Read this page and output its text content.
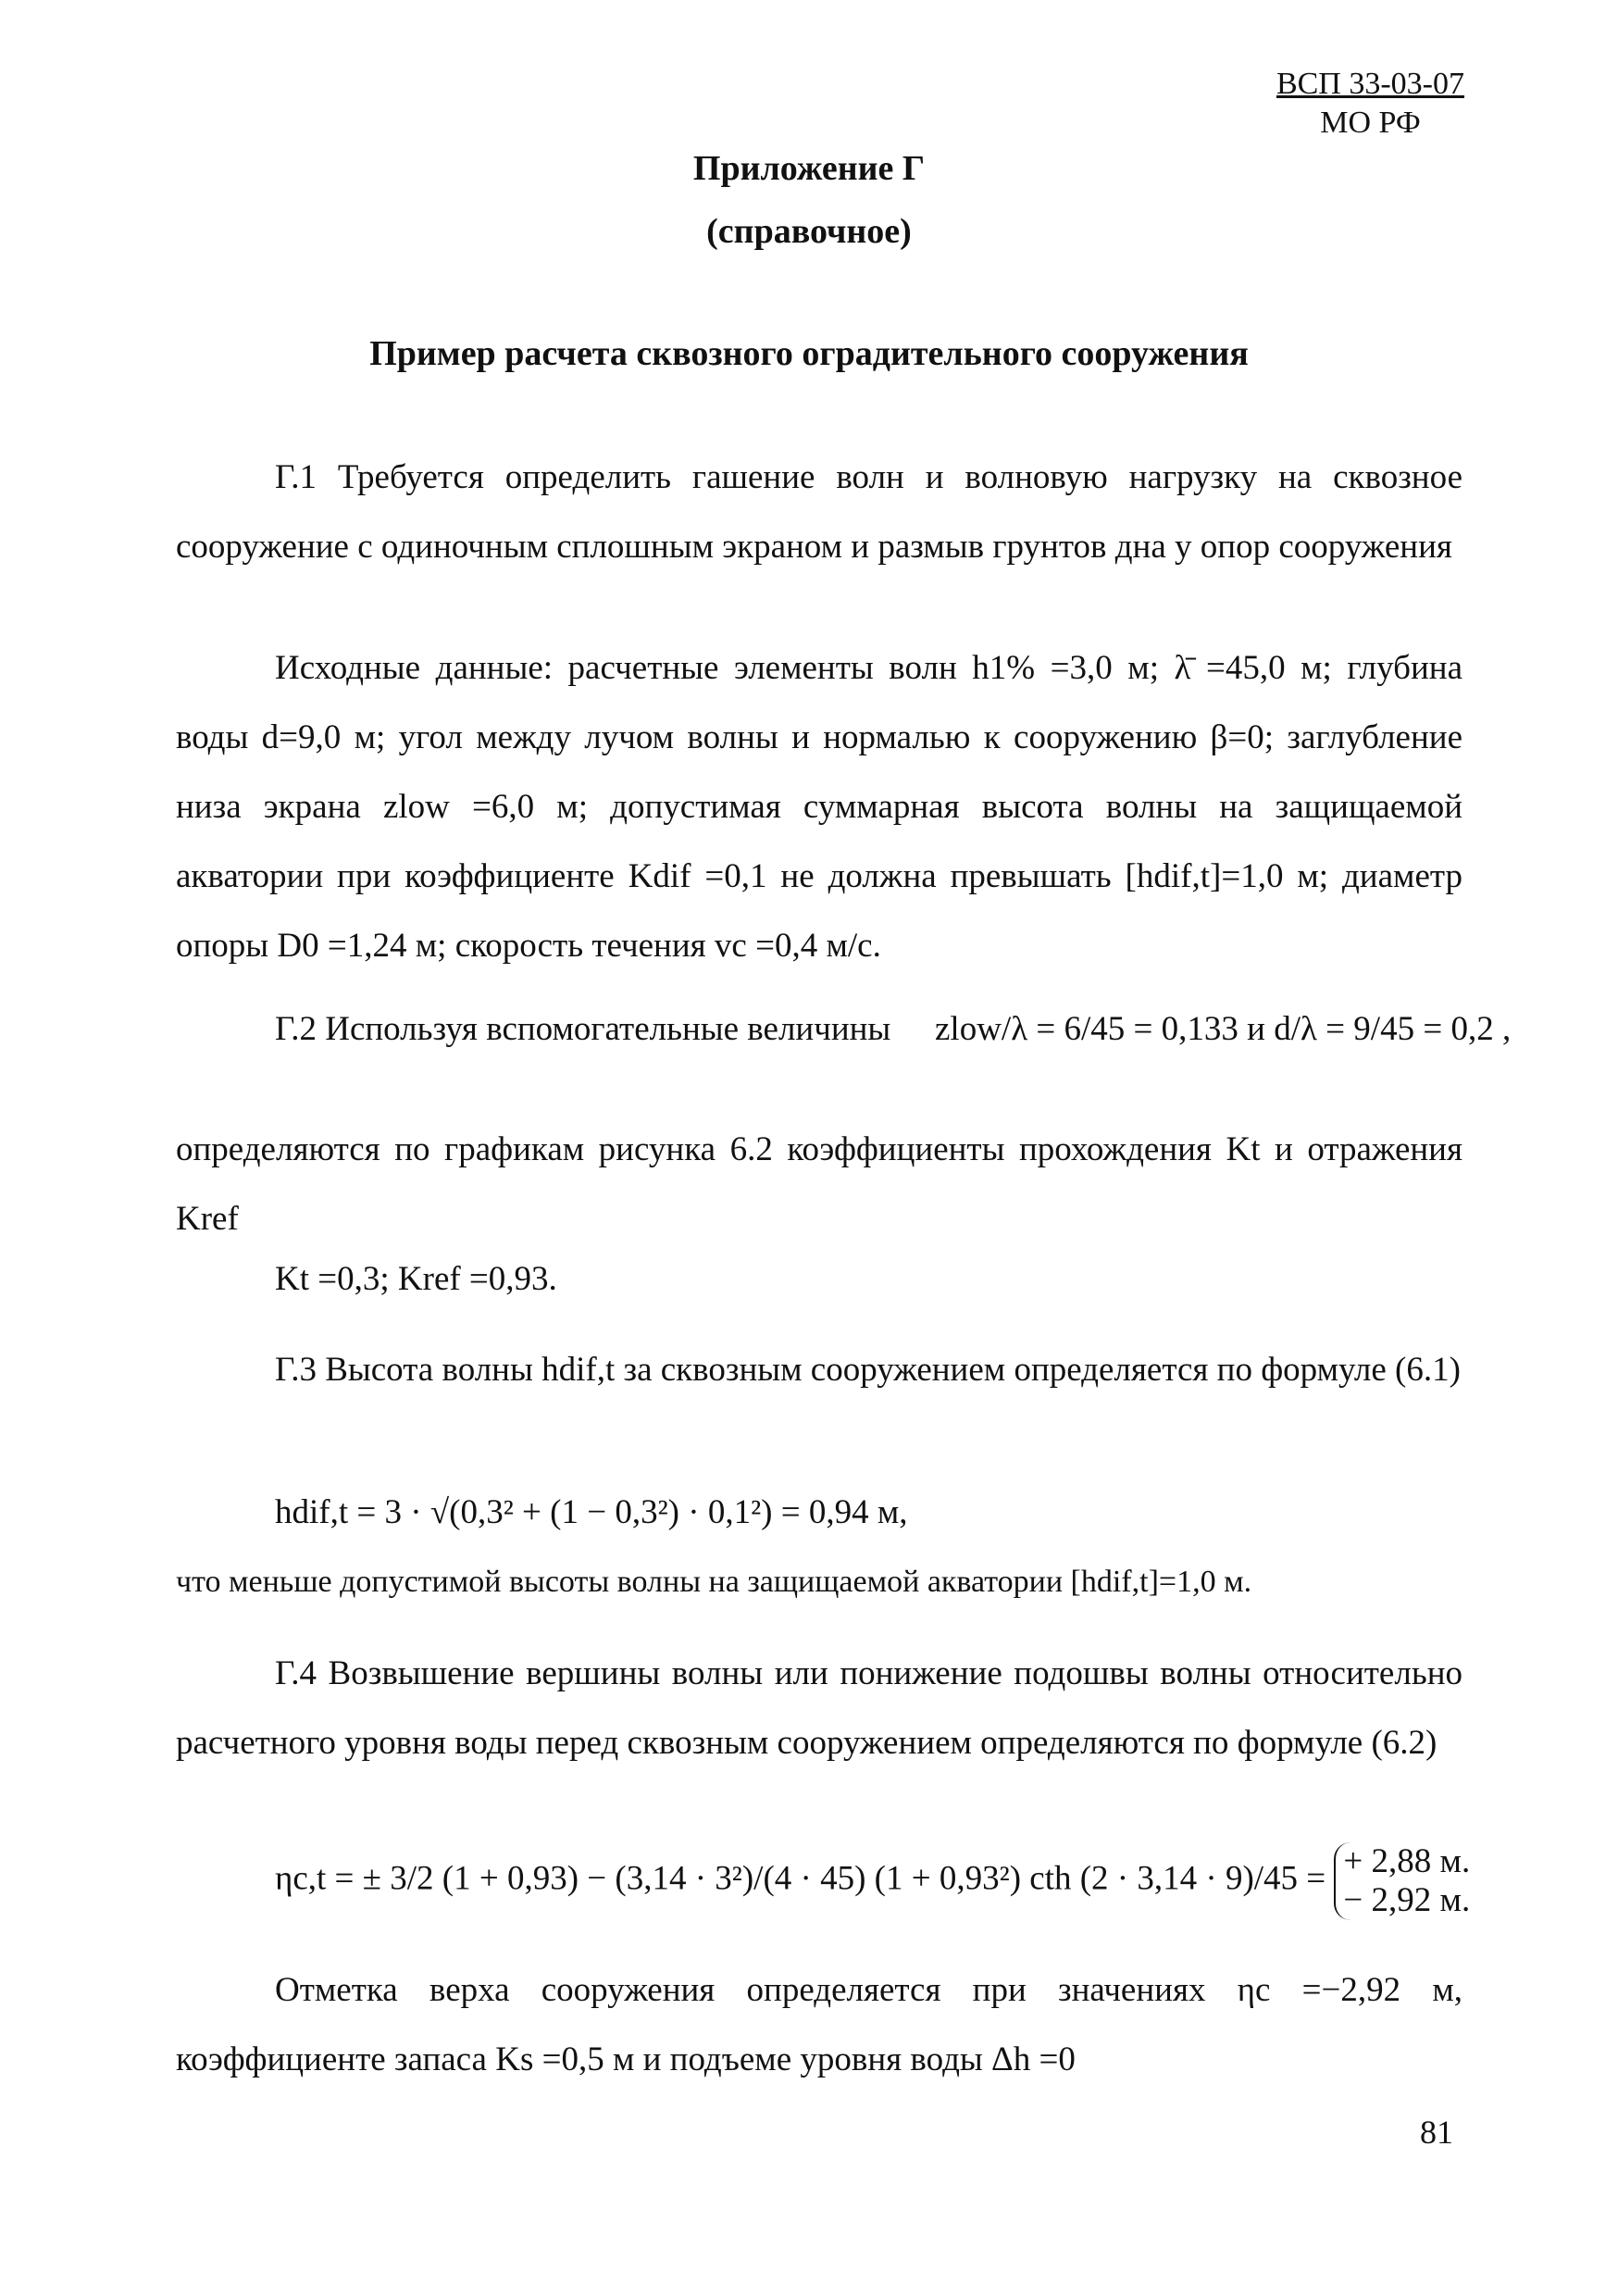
ВСП 33-03-07
МО РФ
Приложение Г
(справочное)
Пример расчета сквозного оградительного сооружения
Г.1 Требуется определить гашение волн и волновую нагрузку на сквозное сооружение с одиночным сплошным экраном и размыв грунтов дна у опор сооружения
Исходные данные: расчетные элементы волн h1% =3,0 м; λ̄ =45,0 м; глубина воды d=9,0 м; угол между лучом волны и нормалью к сооружению β=0; заглубление низа экрана zlow =6,0 м; допустимая суммарная высота волны на защищаемой акватории при коэффициенте Kdif =0,1 не должна превышать [hdif,t]=1,0 м; диаметр опоры D0 =1,24 м; скорость течения vc =0,4 м/с.
Г.2 Используя вспомогательные величины zlow/λ = 6/45 = 0,133 и d/λ = 9/45 = 0,2 ,
определяются по графикам рисунка 6.2 коэффициенты прохождения Kt и отражения Kref
Kt =0,3; Kref =0,93.
Г.3 Высота волны hdif,t за сквозным сооружением определяется по формуле (6.1)
hdif,t = 3 · √(0,3² + (1 − 0,3²) · 0,1²) = 0,94 м,
что меньше допустимой высоты волны на защищаемой акватории [hdif,t]=1,0 м.
Г.4 Возвышение вершины волны или понижение подошвы волны относительно расчетного уровня воды перед сквозным сооружением определяются по формуле (6.2)
ηc,t = ± 3/2 (1 + 0,93) − (3,14 · 3²)/(4 · 45) (1 + 0,93²) cth (2 · 3,14 · 9)/45 = + 2,88 м.
− 2,92 м.
Отметка верха сооружения определяется при значениях ηc =−2,92 м, коэффициенте запаса Ks =0,5 м и подъеме уровня воды Δh =0
81
